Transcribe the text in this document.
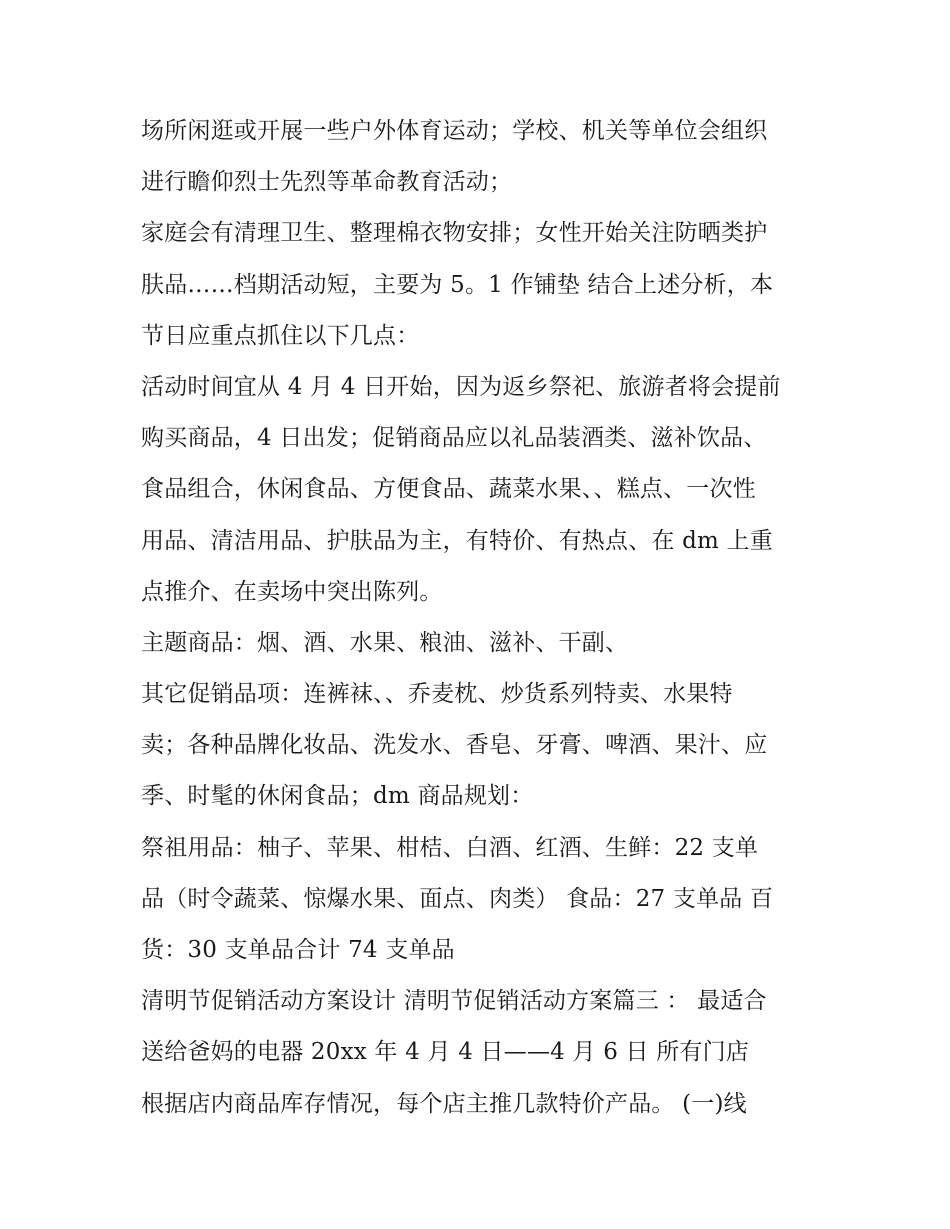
场所闲逛或开展一些户外体育运动；学校、机关等单位会组织
进行瞻仰烈士先烈等革命教育活动；
家庭会有清理卫生、整理棉衣物安排；女性开始关注防晒类护
肤品……档期活动短，主要为 5。1 作铺垫 结合上述分析，本
节日应重点抓住以下几点：
活动时间宜从 4 月 4 日开始，因为返乡祭祀、旅游者将会提前
购买商品，4 日出发；促销商品应以礼品装酒类、滋补饮品、
食品组合，休闲食品、方便食品、蔬菜水果、、糕点、一次性
用品、清洁用品、护肤品为主，有特价、有热点、在 dm 上重
点推介、在卖场中突出陈列。
主题商品：烟、酒、水果、粮油、滋补、干副、
其它促销品项：连裤袜、、乔麦枕、炒货系列特卖、水果特
卖；各种品牌化妆品、洗发水、香皂、牙膏、啤酒、果汁、应
季、时髦的休闲食品；dm 商品规划：
祭祖用品：柚子、苹果、柑桔、白酒、红酒、生鲜：22 支单
品（时令蔬菜、惊爆水果、面点、肉类） 食品：27 支单品 百
货：30 支单品合计 74 支单品
清明节促销活动方案设计 清明节促销活动方案篇三 ： 最适合
送给爸妈的电器 20xx 年 4 月 4 日——4 月 6 日 所有门店
根据店内商品库存情况，每个店主推几款特价产品。 (一)线
